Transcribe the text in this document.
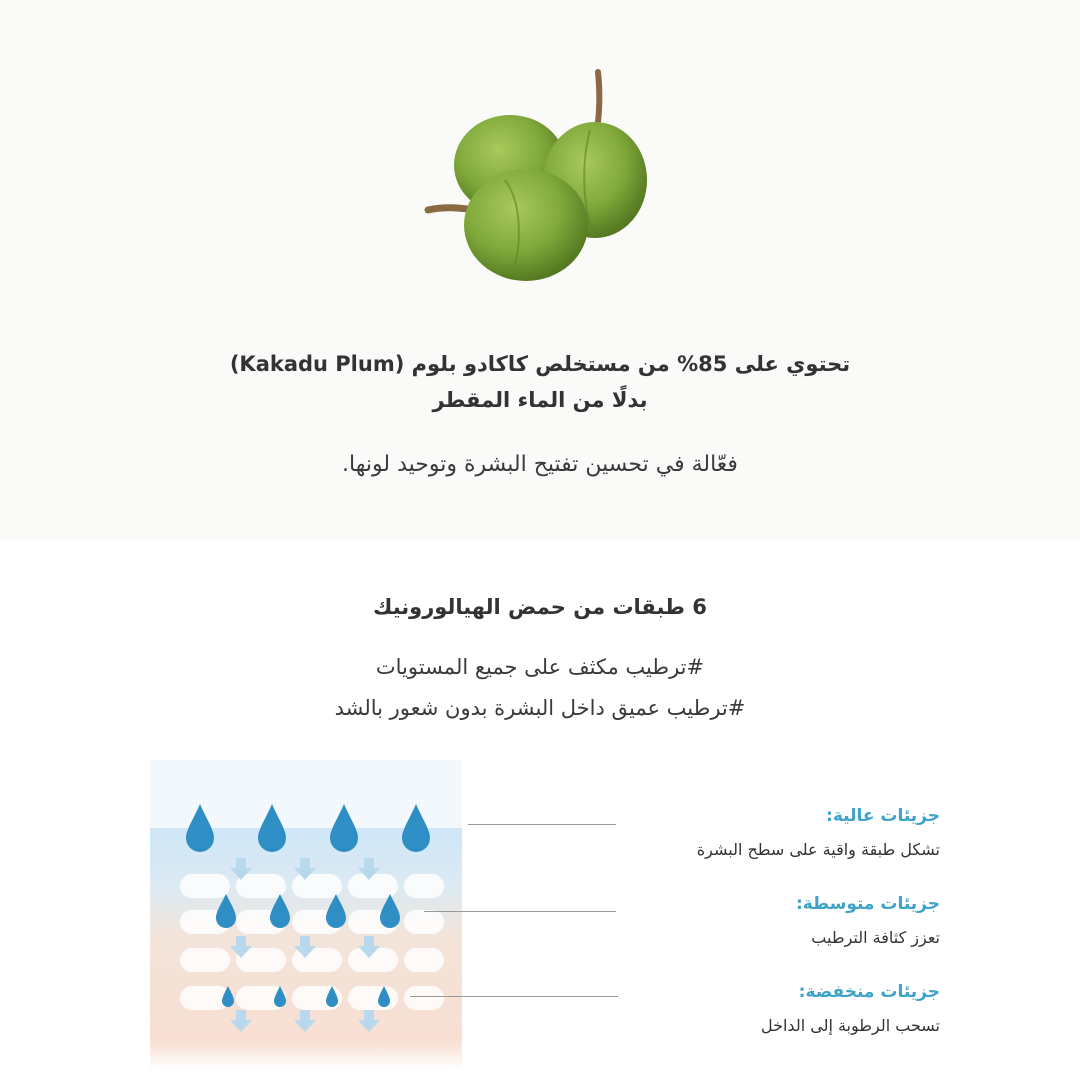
تحتوي على 85% من مستخلص كاكادو بلوم (Kakadu Plum)
بدلًا من الماء المقطر
فعّالة في تحسين تفتيح البشرة وتوحيد لونها.
6 طبقات من حمض الهيالورونيك
#ترطيب مكثف على جميع المستويات
#ترطيب عميق داخل البشرة بدون شعور بالشد
جزيئات عالية:
تشكل طبقة واقية على سطح البشرة
جزيئات متوسطة:
تعزز كثافة الترطيب
جزيئات منخفضة:
تسحب الرطوبة إلى الداخل
